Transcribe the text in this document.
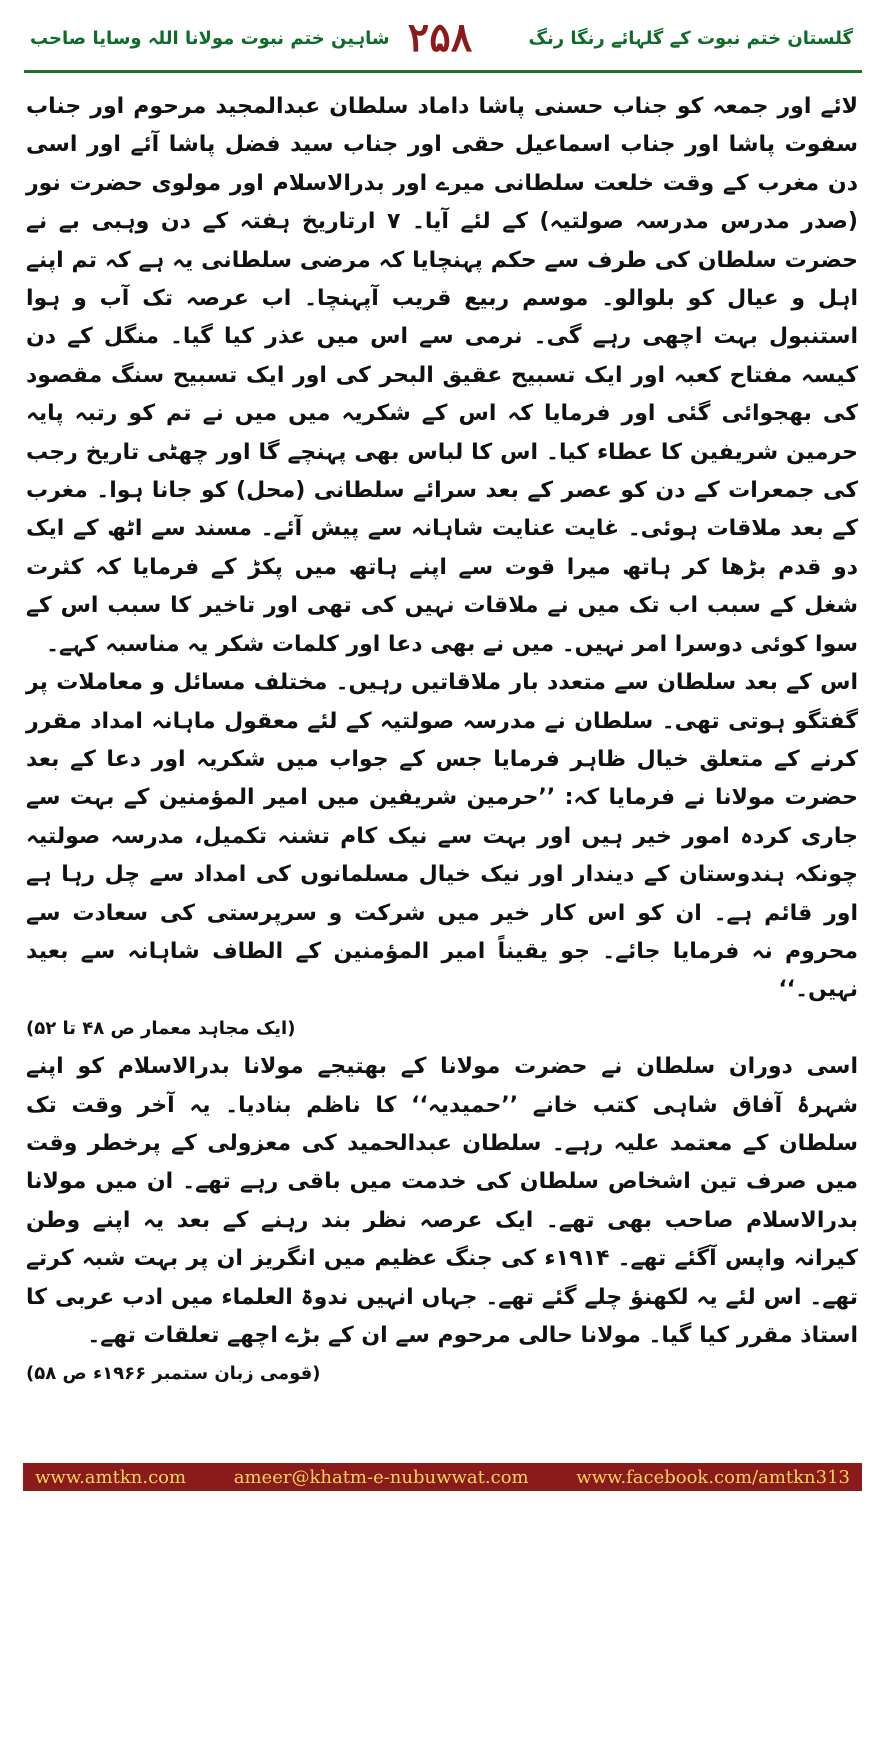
گلستان ختم نبوت کے گلہائے رنگا رنگ
۲۵۸
شاہین ختم نبوت مولانا اللہ وسایا صاحب

لائے اور جمعہ کو جناب حسنی پاشا داماد سلطان عبدالمجید مرحوم اور جناب سفوت پاشا اور جناب اسماعیل حقی اور جناب سید فضل پاشا آئے اور اسی دن مغرب کے وقت خلعت سلطانی میرے اور بدرالاسلام اور مولوی حضرت نور (صدر مدرس مدرسہ صولتیہ) کے لئے آیا۔ ۷ ارتاریخ ہفتہ کے دن وہبی بے نے حضرت سلطان کی طرف سے حکم پہنچایا کہ مرضی سلطانی یہ ہے کہ تم اپنے اہل و عیال کو بلوالو۔ موسم ربیع قریب آپہنچا۔ اب عرصہ تک آب و ہوا استنبول بہت اچھی رہے گی۔ نرمی سے اس میں عذر کیا گیا۔ منگل کے دن کیسہ مفتاح کعبہ اور ایک تسبیح عقیق البحر کی اور ایک تسبیح سنگ مقصود کی بھجوائی گئی اور فرمایا کہ اس کے شکریہ میں میں نے تم کو رتبہ پایہ حرمین شریفین کا عطاء کیا۔ اس کا لباس بھی پہنچے گا اور چھٹی تاریخ رجب کی جمعرات کے دن کو عصر کے بعد سرائے سلطانی (محل) کو جانا ہوا۔ مغرب کے بعد ملاقات ہوئی۔ غایت عنایت شاہانہ سے پیش آئے۔ مسند سے اٹھ کے ایک دو قدم بڑھا کر ہاتھ میرا قوت سے اپنے ہاتھ میں پکڑ کے فرمایا کہ کثرت شغل کے سبب اب تک میں نے ملاقات نہیں کی تھی اور تاخیر کا سبب اس کے سوا کوئی دوسرا امر نہیں۔ میں نے بھی دعا اور کلمات شکر یہ مناسبہ کہے۔

اس کے بعد سلطان سے متعدد بار ملاقاتیں رہیں۔ مختلف مسائل و معاملات پر گفتگو ہوتی تھی۔ سلطان نے مدرسہ صولتیہ کے لئے معقول ماہانہ امداد مقرر کرنے کے متعلق خیال ظاہر فرمایا جس کے جواب میں شکریہ اور دعا کے بعد حضرت مولانا نے فرمایا کہ: ’’حرمین شریفین میں امیر المؤمنین کے بہت سے جاری کردہ امور خیر ہیں اور بہت سے نیک کام تشنہ تکمیل، مدرسہ صولتیہ چونکہ ہندوستان کے دیندار اور نیک خیال مسلمانوں کی امداد سے چل رہا ہے اور قائم ہے۔ ان کو اس کار خیر میں شرکت و سرپرستی کی سعادت سے محروم نہ فرمایا جائے۔ جو یقیناً امیر المؤمنین کے الطاف شاہانہ سے بعید نہیں۔‘‘

(ایک مجاہد معمار ص ۴۸ تا ۵۲)

اسی دوران سلطان نے حضرت مولانا کے بھتیجے مولانا بدرالاسلام کو اپنے شہرۂ آفاق شاہی کتب خانے ’’حمیدیہ‘‘ کا ناظم بنادیا۔ یہ آخر وقت تک سلطان کے معتمد علیہ رہے۔ سلطان عبدالحمید کی معزولی کے پرخطر وقت میں صرف تین اشخاص سلطان کی خدمت میں باقی رہے تھے۔ ان میں مولانا بدرالاسلام صاحب بھی تھے۔ ایک عرصہ نظر بند رہنے کے بعد یہ اپنے وطن کیرانہ واپس آگئے تھے۔ ۱۹۱۴ء کی جنگ عظیم میں انگریز ان پر بہت شبہ کرتے تھے۔ اس لئے یہ لکھنؤ چلے گئے تھے۔ جہاں انہیں ندوۃ العلماء میں ادب عربی کا استاذ مقرر کیا گیا۔ مولانا حالی مرحوم سے ان کے بڑے اچھے تعلقات تھے۔

(قومی زبان ستمبر ۱۹۶۶ء ص ۵۸)
www.amtkn.com	ameer@khatm-e-nubuwwat.com	www.facebook.com/amtkn313
